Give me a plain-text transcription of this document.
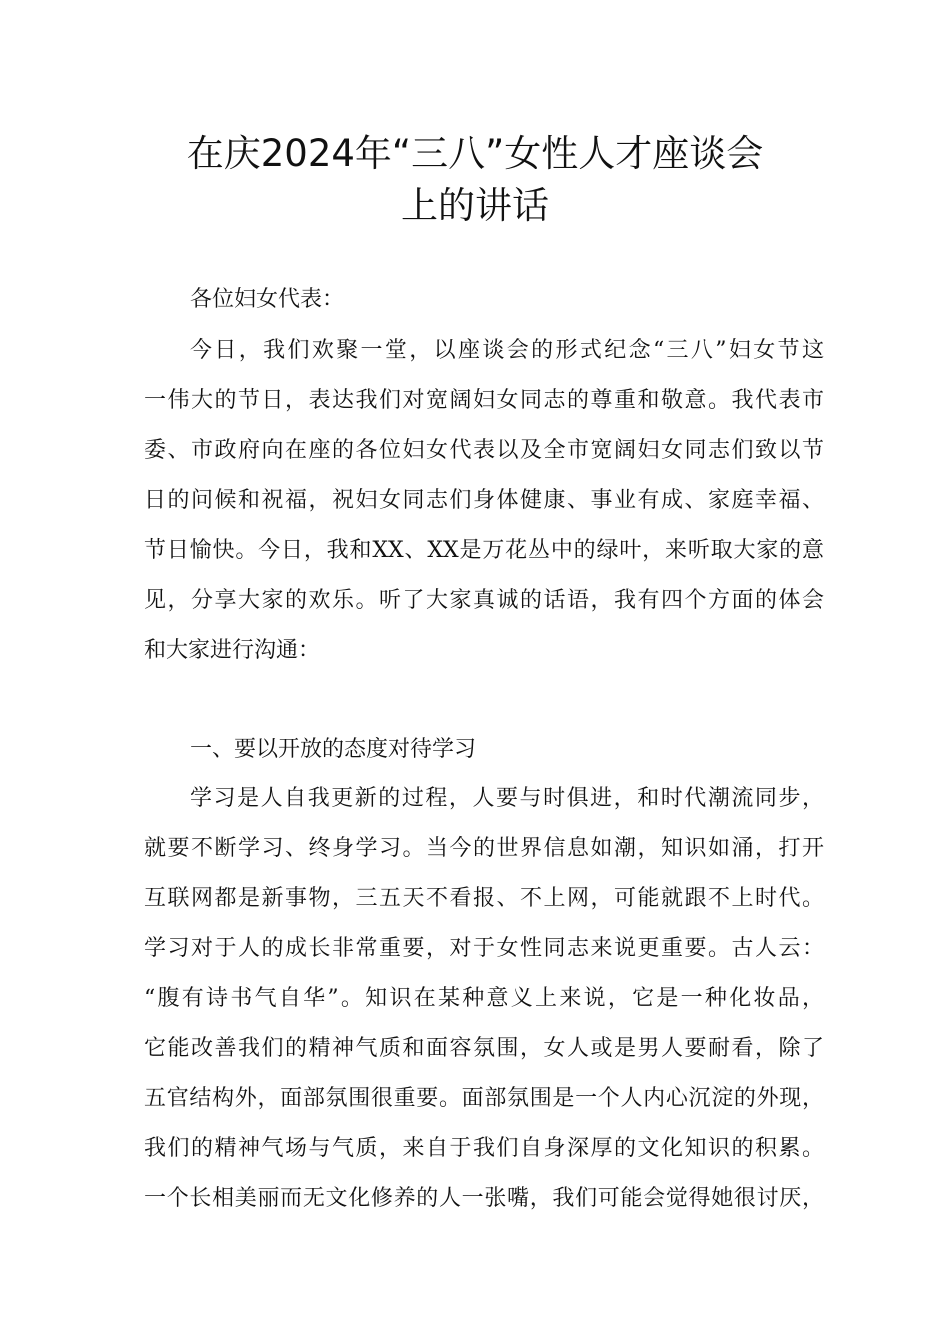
在庆2024年“三八”女性人才座谈会
上的讲话
各位妇女代表：
今日，我们欢聚一堂，以座谈会的形式纪念“三八”妇女节这
一伟大的节日，表达我们对宽阔妇女同志的尊重和敬意。我代表市
委、市政府向在座的各位妇女代表以及全市宽阔妇女同志们致以节
日的问候和祝福，祝妇女同志们身体健康、事业有成、家庭幸福、
节日愉快。今日，我和XX、XX是万花丛中的绿叶，来听取大家的意
见，分享大家的欢乐。听了大家真诚的话语，我有四个方面的体会
和大家进行沟通：
一、要以开放的态度对待学习
学习是人自我更新的过程，人要与时俱进，和时代潮流同步，
就要不断学习、终身学习。当今的世界信息如潮，知识如涌，打开
互联网都是新事物，三五天不看报、不上网，可能就跟不上时代。
学习对于人的成长非常重要，对于女性同志来说更重要。古人云：
“腹有诗书气自华”。知识在某种意义上来说，它是一种化妆品，
它能改善我们的精神气质和面容氛围，女人或是男人要耐看，除了
五官结构外，面部氛围很重要。面部氛围是一个人内心沉淀的外现，
我们的精神气场与气质，来自于我们自身深厚的文化知识的积累。
一个长相美丽而无文化修养的人一张嘴，我们可能会觉得她很讨厌，
